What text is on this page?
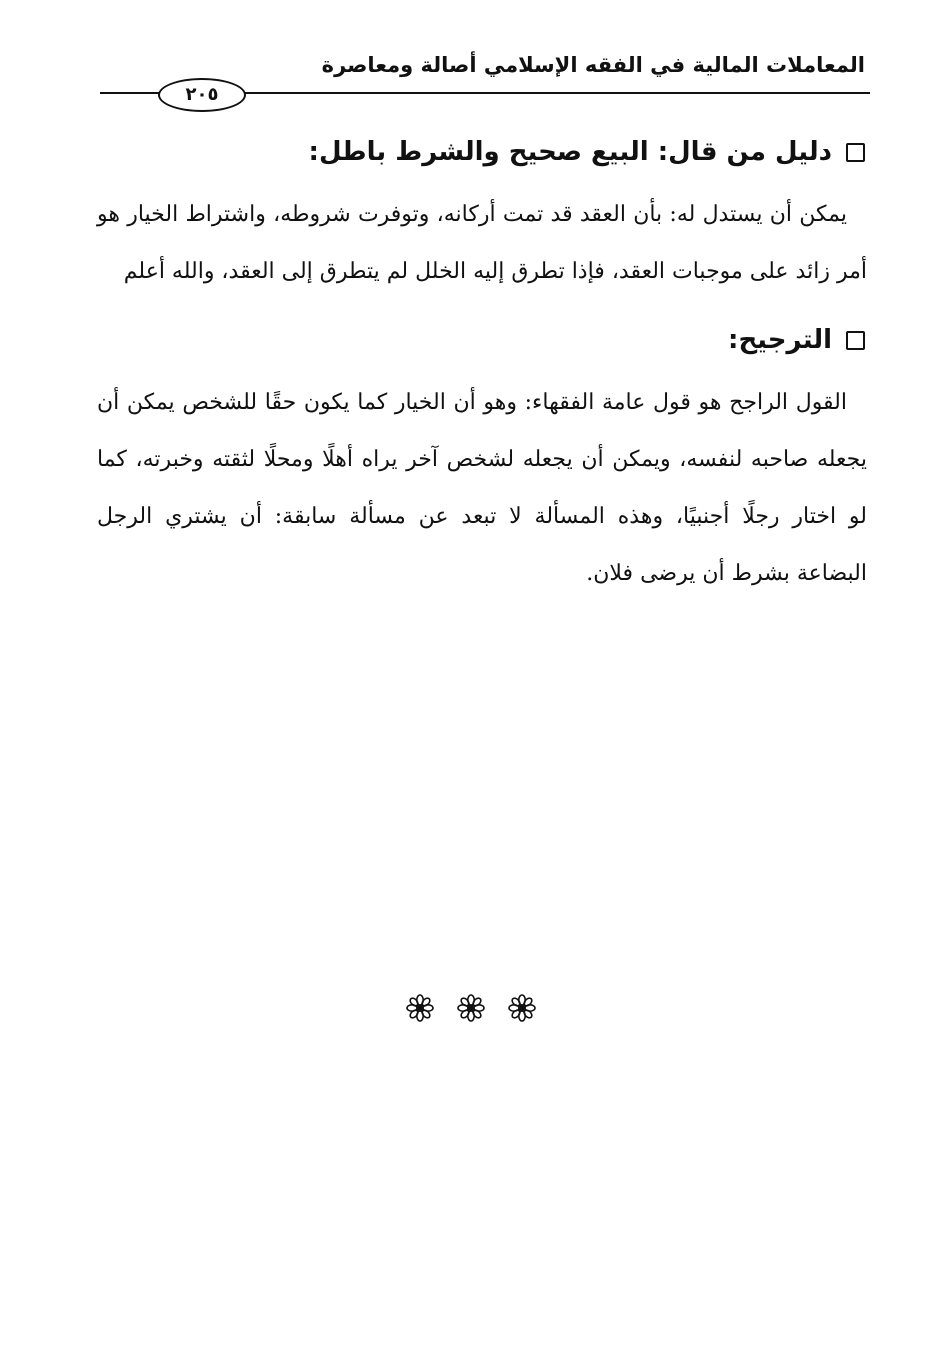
المعاملات المالية في الفقه الإسلامي أصالة ومعاصرة
٢٠٥
دليل من قال: البيع صحيح والشرط باطل:

يمكن أن يستدل له: بأن العقد قد تمت أركانه، وتوفرت شروطه، واشتراط الخيار هو أمر زائد على موجبات العقد، فإذا تطرق إليه الخلل لم يتطرق إلى العقد، والله أعلم

الترجيح:

القول الراجح هو قول عامة الفقهاء: وهو أن الخيار كما يكون حقًا للشخص يمكن أن يجعله صاحبه لنفسه، ويمكن أن يجعله لشخص آخر يراه أهلًا ومحلًا لثقته وخبرته، كما لو اختار رجلًا أجنبيًا، وهذه المسألة لا تبعد عن مسألة سابقة: أن يشتري الرجل البضاعة بشرط أن يرضى فلان.
